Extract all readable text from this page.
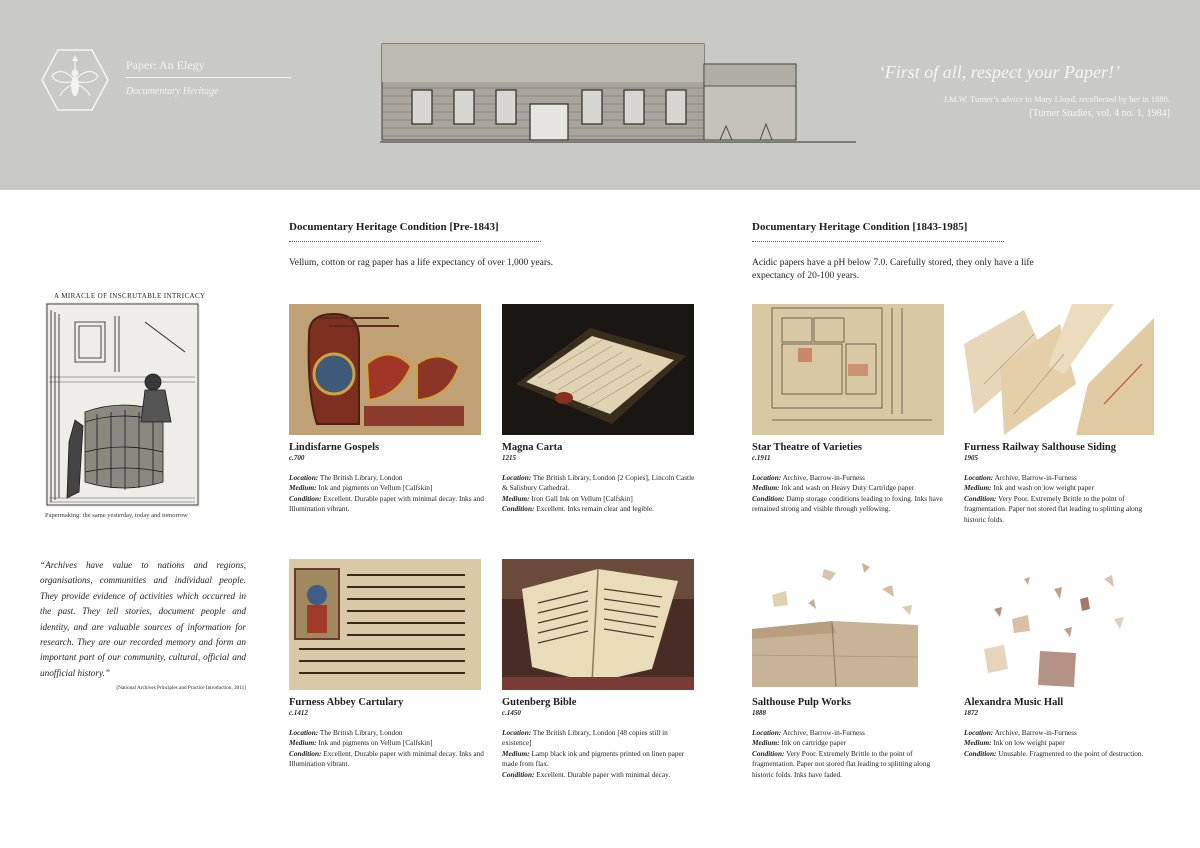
Paper: An Elegy
Documentary Heritage
‘First of all, respect your Paper!’
J.M.W. Turner’s advice to Mary Lloyd, recollected by her in 1880.
[Turner Studies, vol. 4 no. 1, 1984]
Documentary Heritage Condition [Pre-1843]
Vellum, cotton or rag paper has a life expectancy of over 1,000 years.
Documentary Heritage Condition [1843-1985]
Acidic papers have a pH below 7.0. Carefully stored, they only have a life expectancy of 20-100 years.
A MIRACLE OF INSCRUTABLE INTRICACY
Papermaking: the same yesterday, today and tomorrow
“Archives have value to nations and regions, organisations, communities and individual people. They provide evidence of activities which occurred in the past. They tell stories, document people and identity, and are valuable sources of information for research. They are our recorded memory and form an important part of our community, cultural, official and unofficial history.”
[National Archives Principles and Practice Introduction, 2011]
Lindisfarne Gospels
c.700
Location: The British Library, London
Medium: Ink and pigments on Vellum [Calfskin]
Condition: Excellent. Durable paper with minimal decay. Inks and Illumination vibrant.
Magna Carta
1215
Location: The British Library, London [2 Copies], Lincoln Castle & Salisbury Cathedral.
Medium: Iron Gall Ink on Vellum [Calfskin]
Condition: Excellent. Inks remain clear and legible.
Star Theatre of Varieties
c.1911
Location: Archive, Barrow-in-Furness
Medium: Ink and wash on Heavy Duty Cartridge paper
Condition: Damp storage conditions leading to foxing. Inks have remained strong and visible through yellowing.
Furness Railway Salthouse Siding
1905
Location: Archive, Barrow-in-Furness
Medium: Ink and wash on low weight paper
Condition: Very Poor. Extremely Brittle to the point of fragmentation. Paper not stored flat leading to splitting along historic folds.
Furness Abbey Cartulary
c.1412
Location: The British Library, London
Medium: Ink and pigments on Vellum [Calfskin]
Condition: Excellent. Durable paper with minimal decay. Inks and Illumination vibrant.
Gutenberg Bible
c.1450
Location: The British Library, London [48 copies still in existence]
Medium: Lamp black ink and pigments printed on linen paper made from flax.
Condition: Excellent. Durable paper with minimal decay.
Salthouse Pulp Works
1888
Location: Archive, Barrow-in-Furness
Medium: Ink on cartridge paper
Condition: Very Poor. Extremely Brittle to the point of fragmentation. Paper not stored flat leading to splitting along historic folds. Inks have faded.
Alexandra Music Hall
1872
Location: Archive, Barrow-in-Furness
Medium: Ink on low weight paper
Condition: Unusable. Fragmented to the point of destruction.
